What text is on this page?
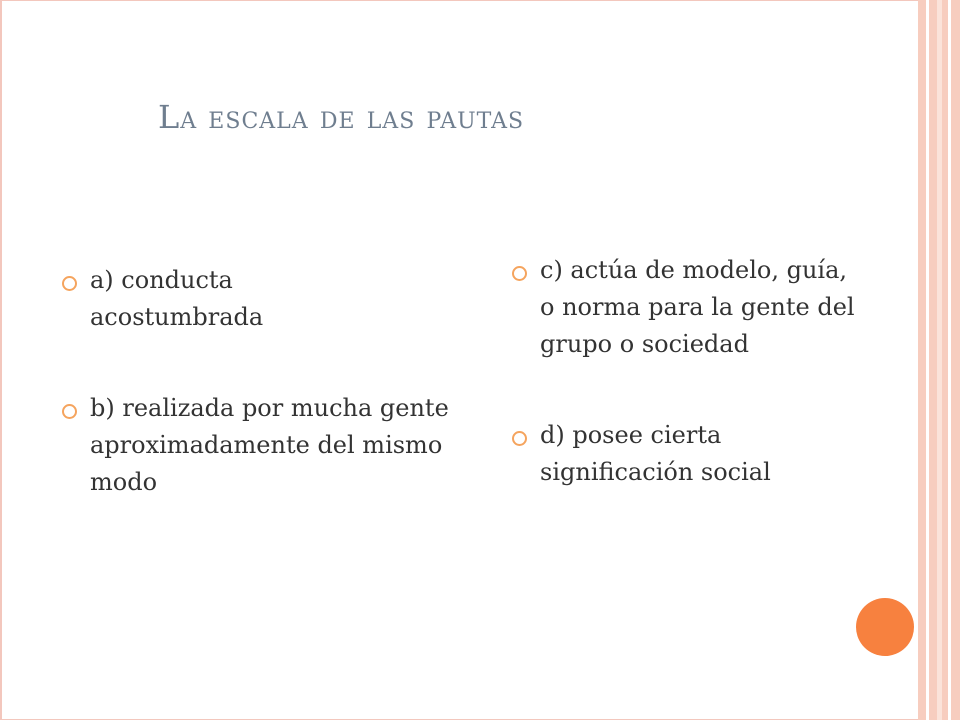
La escala de las pautas
a) conducta acostumbrada
b) realizada por mucha gente aproximadamente del mismo modo
c) actúa de modelo, guía, o norma para la gente del grupo o sociedad
d) posee cierta significación social
